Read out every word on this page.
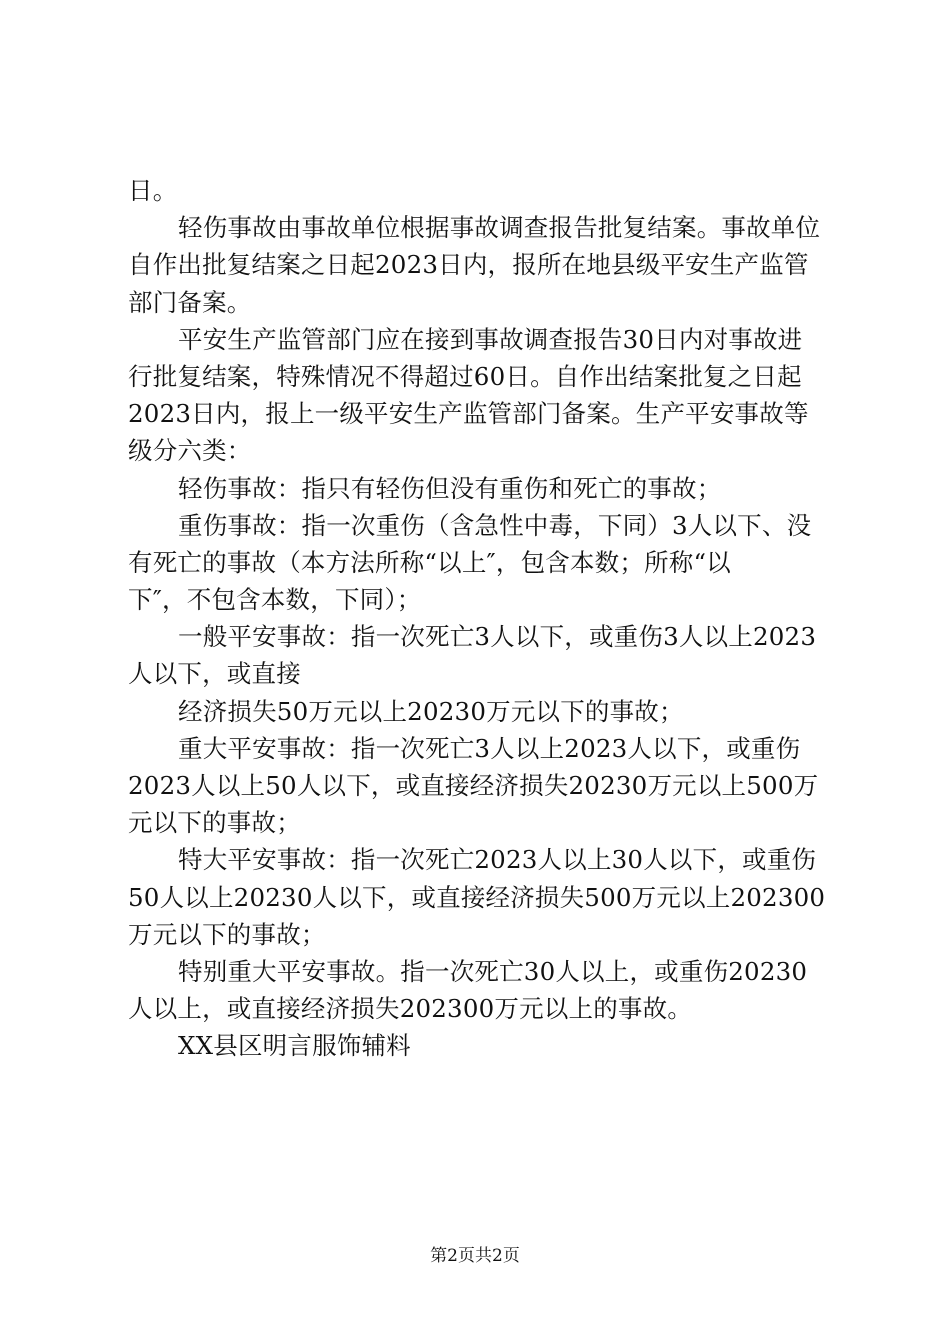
日。
轻伤事故由事故单位根据事故调查报告批复结案。事故单位
自作出批复结案之日起2023日内，报所在地县级平安生产监管
部门备案。
平安生产监管部门应在接到事故调查报告30日内对事故进
行批复结案，特殊情况不得超过60日。自作出结案批复之日起
2023日内，报上一级平安生产监管部门备案。生产平安事故等
级分六类：
轻伤事故：指只有轻伤但没有重伤和死亡的事故；
重伤事故：指一次重伤（含急性中毒，下同）3人以下、没
有死亡的事故（本方法所称“以上″，包含本数；所称“以
下″，不包含本数，下同）；
一般平安事故：指一次死亡3人以下，或重伤3人以上2023
人以下，或直接
经济损失50万元以上20230万元以下的事故；
重大平安事故：指一次死亡3人以上2023人以下，或重伤
2023人以上50人以下，或直接经济损失20230万元以上500万
元以下的事故；
特大平安事故：指一次死亡2023人以上30人以下，或重伤
50人以上20230人以下，或直接经济损失500万元以上202300
万元以下的事故；
特别重大平安事故。指一次死亡30人以上，或重伤20230
人以上，或直接经济损失202300万元以上的事故。
XX县区明言服饰辅料
第2页共2页
